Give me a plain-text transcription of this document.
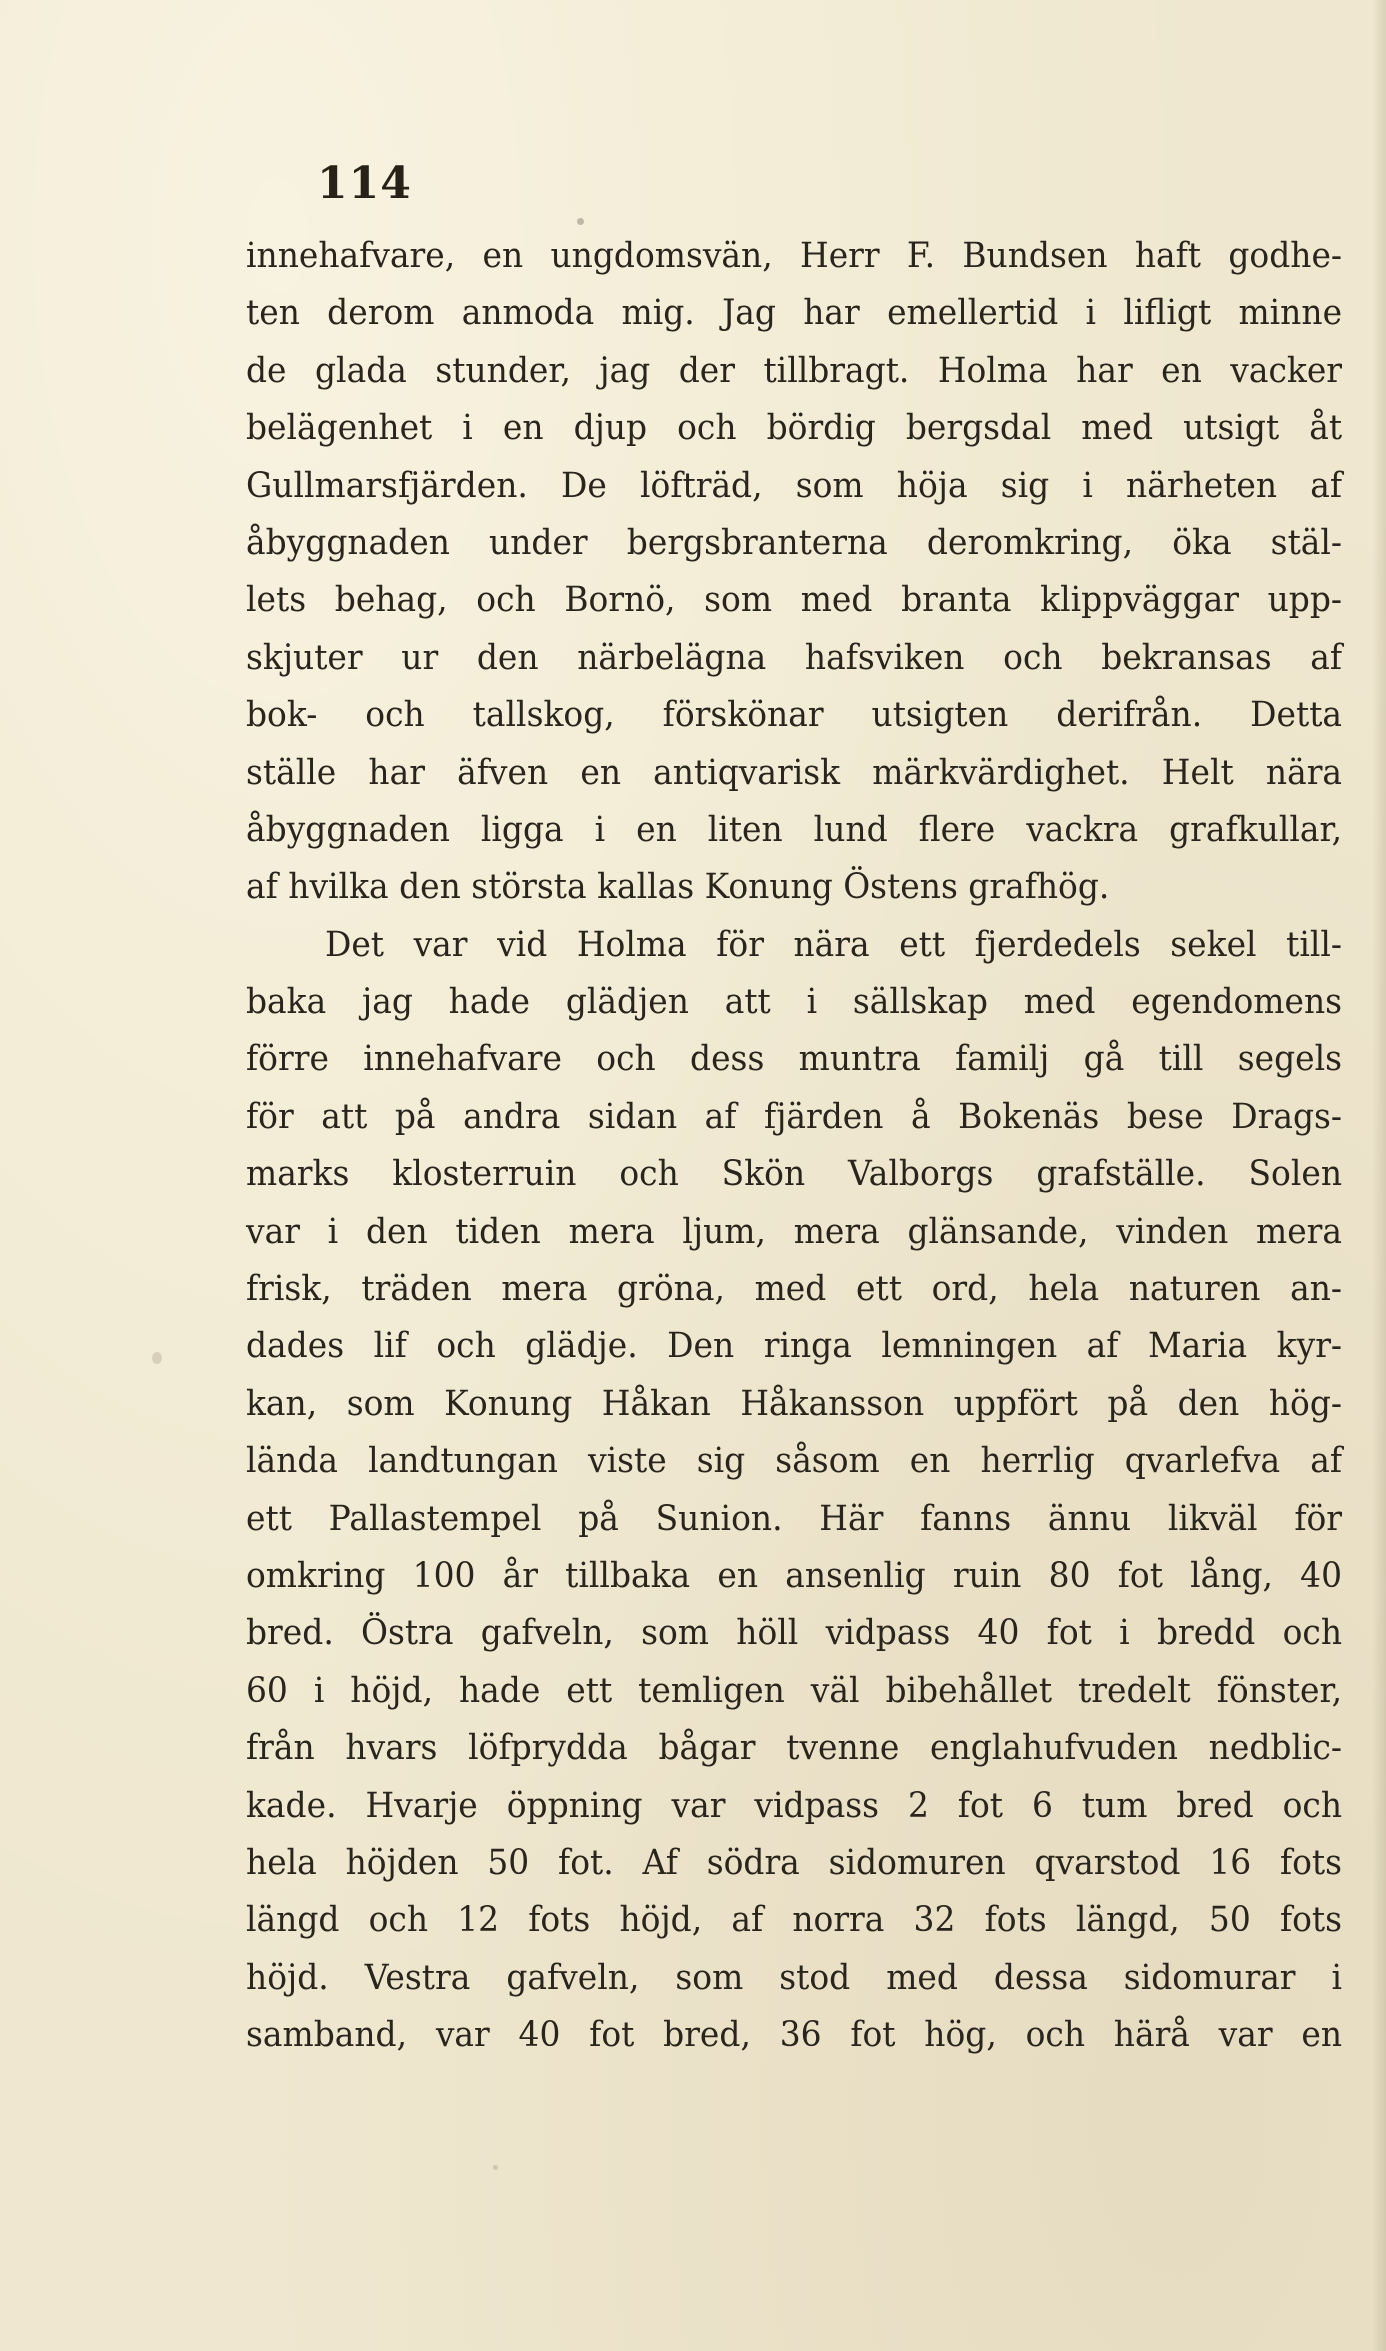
114
innehafvare, en ungdomsvän, Herr F. Bundsen haft godhe-
ten derom anmoda mig. Jag har emellertid i lifligt minne
de glada stunder, jag der tillbragt. Holma har en vacker
belägenhet i en djup och bördig bergsdal med utsigt åt
Gullmarsfjärden. De löfträd, som höja sig i närheten af
åbyggnaden under bergsbranterna deromkring, öka stäl-
lets behag, och Bornö, som med branta klippväggar upp-
skjuter ur den närbelägna hafsviken och bekransas af
bok- och tallskog, förskönar utsigten derifrån. Detta
ställe har äfven en antiqvarisk märkvärdighet. Helt nära
åbyggnaden ligga i en liten lund flere vackra grafkullar,
af hvilka den största kallas Konung Östens grafhög.
Det var vid Holma för nära ett fjerdedels sekel till-
baka jag hade glädjen att i sällskap med egendomens
förre innehafvare och dess muntra familj gå till segels
för att på andra sidan af fjärden å Bokenäs bese Drags-
marks klosterruin och Skön Valborgs grafställe. Solen
var i den tiden mera ljum, mera glänsande, vinden mera
frisk, träden mera gröna, med ett ord, hela naturen an-
dades lif och glädje. Den ringa lemningen af Maria kyr-
kan, som Konung Håkan Håkansson uppfört på den hög-
lända landtungan viste sig såsom en herrlig qvarlefva af
ett Pallastempel på Sunion. Här fanns ännu likväl för
omkring 100 år tillbaka en ansenlig ruin 80 fot lång, 40
bred. Östra gafveln, som höll vidpass 40 fot i bredd och
60 i höjd, hade ett temligen väl bibehållet tredelt fönster,
från hvars löfprydda bågar tvenne englahufvuden nedblic-
kade. Hvarje öppning var vidpass 2 fot 6 tum bred och
hela höjden 50 fot. Af södra sidomuren qvarstod 16 fots
längd och 12 fots höjd, af norra 32 fots längd, 50 fots
höjd. Vestra gafveln, som stod med dessa sidomurar i
samband, var 40 fot bred, 36 fot hög, och härå var en
